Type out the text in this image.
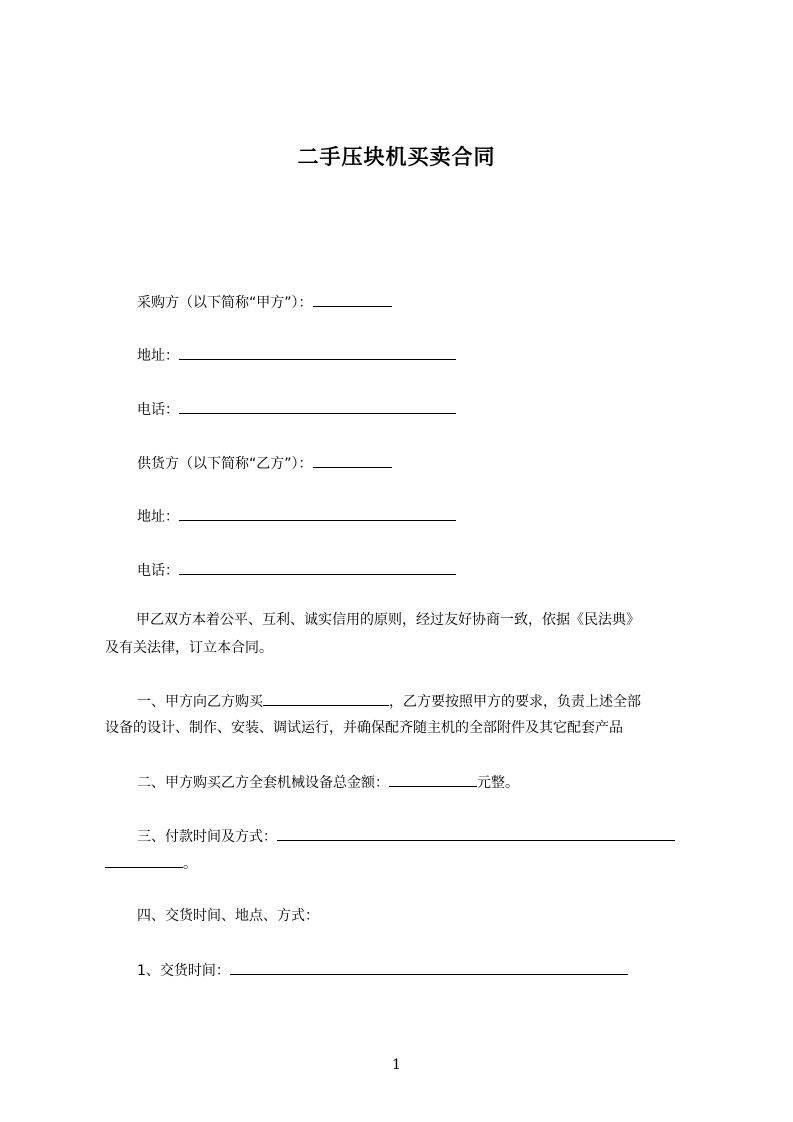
二手压块机买卖合同
采购方（以下简称“甲方”）：
地址：
电话：
供货方（以下简称“乙方”）：
地址：
电话：
甲乙双方本着公平、互利、诚实信用的原则，经过友好协商一致，依据《民法典》
及有关法律，订立本合同。
一、甲方向乙方购买	，乙方要按照甲方的要求，负责上述全部
设备的设计、制作、安装、调试运行，并确保配齐随主机的全部附件及其它配套产品
二、甲方购买乙方全套机械设备总金额：	元整。
三、付款时间及方式：
。
四、交货时间、地点、方式：
1、交货时间：
1
